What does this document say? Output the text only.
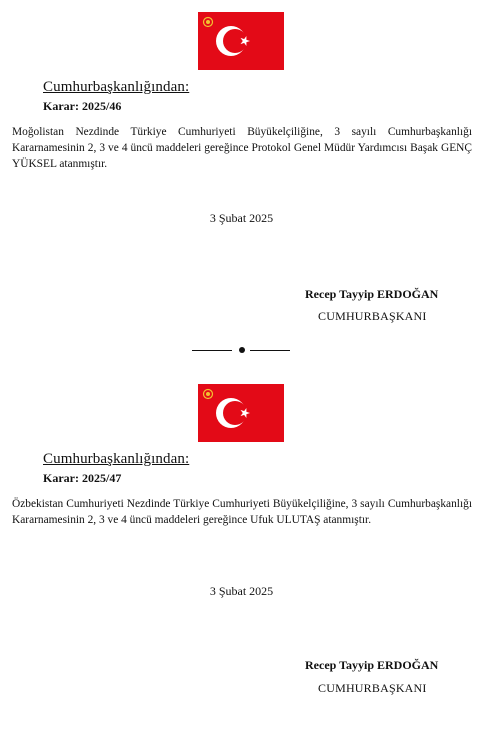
Cumhurbaşkanlığından:
Karar: 2025/46
Moğolistan Nezdinde Türkiye Cumhuriyeti Büyükelçiliğine, 3 sayılı Cumhurbaşkanlığı Kararnamesinin 2, 3 ve 4 üncü maddeleri gereğince Protokol Genel Müdür Yardımcısı Başak GENÇ YÜKSEL atanmıştır.
3 Şubat 2025
Recep Tayyip ERDOĞAN
CUMHURBAŞKANI
Cumhurbaşkanlığından:
Karar: 2025/47
Özbekistan Cumhuriyeti Nezdinde Türkiye Cumhuriyeti Büyükelçiliğine, 3 sayılı Cumhurbaşkanlığı Kararnamesinin 2, 3 ve 4 üncü maddeleri gereğince Ufuk ULUTAŞ atanmıştır.
3 Şubat 2025
Recep Tayyip ERDOĞAN
CUMHURBAŞKANI
